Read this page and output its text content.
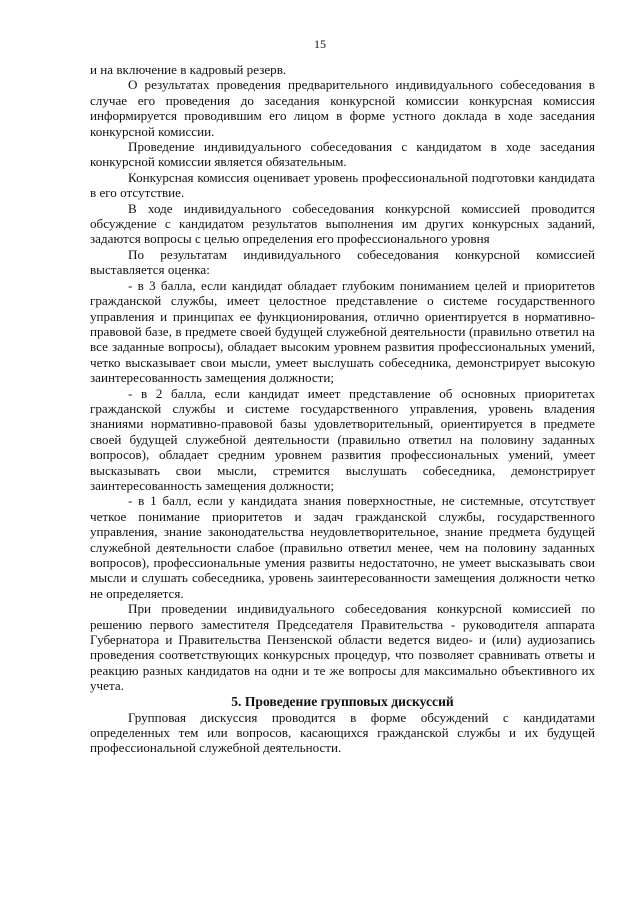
15

и на включение в кадровый резерв.

О результатах проведения предварительного индивидуального собеседования в случае его проведения до заседания конкурсной комиссии конкурсная комиссия информируется проводившим его лицом в форме устного доклада в ходе заседания конкурсной комиссии.

Проведение индивидуального собеседования с кандидатом в ходе заседания конкурсной комиссии является обязательным.

Конкурсная комиссия оценивает уровень профессиональной подготовки кандидата в его отсутствие.

В ходе индивидуального собеседования конкурсной комиссией проводится обсуждение с кандидатом результатов выполнения им других конкурсных заданий, задаются вопросы с целью определения его профессионального уровня

По результатам индивидуального собеседования конкурсной комиссией выставляется оценка:

- в 3 балла, если кандидат обладает глубоким пониманием целей и приоритетов гражданской службы, имеет целостное представление о системе государственного управления и принципах ее функционирования, отлично ориентируется в нормативно-правовой базе, в предмете своей будущей служебной деятельности (правильно ответил на все заданные вопросы), обладает высоким уровнем развития профессиональных умений, четко высказывает свои мысли, умеет выслушать собеседника, демонстрирует высокую заинтересованность замещения должности;

- в 2 балла, если кандидат имеет представление об основных приоритетах гражданской службы и системе государственного управления, уровень владения знаниями нормативно-правовой базы удовлетворительный, ориентируется в предмете своей будущей служебной деятельности (правильно ответил на половину заданных вопросов), обладает средним уровнем развития профессиональных умений, умеет высказывать свои мысли, стремится выслушать собеседника, демонстрирует заинтересованность замещения должности;

- в 1 балл, если у кандидата знания поверхностные, не системные, отсутствует четкое понимание приоритетов и задач гражданской службы, государственного управления, знание законодательства неудовлетворительное, знание предмета будущей служебной деятельности слабое (правильно ответил менее, чем на половину заданных вопросов), профессиональные умения развиты недостаточно, не умеет высказывать свои мысли и слушать собеседника, уровень заинтересованности замещения должности четко не определяется.

При проведении индивидуального собеседования конкурсной комиссией по решению первого заместителя Председателя Правительства - руководителя аппарата Губернатора и Правительства Пензенской области ведется видео- и (или) аудиозапись проведения соответствующих конкурсных процедур, что позволяет сравнивать ответы и реакцию разных кандидатов на одни и те же вопросы для максимально объективного их учета.

5. Проведение групповых дискуссий

Групповая дискуссия проводится в форме обсуждений с кандидатами определенных тем или вопросов, касающихся гражданской службы и их будущей профессиональной служебной деятельности.
